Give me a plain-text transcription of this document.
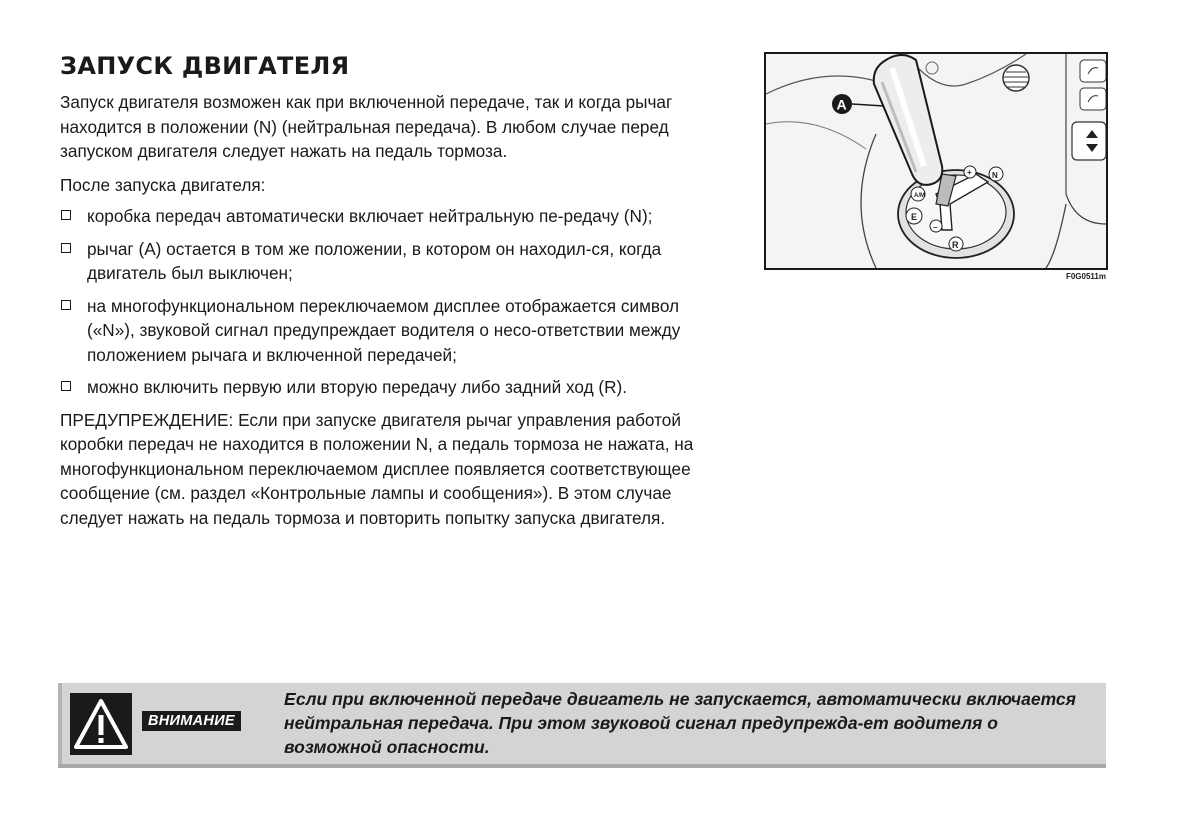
ЗАПУСК ДВИГАТЕЛЯ

Запуск двигателя возможен как при включенной передаче, так и когда рычаг находится в положении (N) (нейтральная передача). В любом случае перед запуском двигателя следует нажать на педаль тормоза.

После запуска двигателя:

коробка передач автоматически включает нейтральную пе-редачу (N);
рычаг (A) остается в том же положении, в котором он находил-ся, когда двигатель был выключен;
на многофункциональном переключаемом дисплее отображается символ («N»), звуковой сигнал предупреждает водителя о несо-ответствии между положением рычага и включенной передачей;
можно включить первую или вторую передачу либо задний ход (R).

ПРЕДУПРЕЖДЕНИЕ: Если при запуске двигателя рычаг управления работой коробки передач не находится в положении N, а педаль тормоза не нажата, на многофункциональном переключаемом дисплее появляется соответствующее сообщение (см. раздел «Контрольные лампы и сообщения»). В этом случае следует нажать на педаль тормоза и повторить попытку запуска двигателя.

A/M
+	N
E
–
R
A
F0G0511m
ВНИМАНИЕ
Если при включенной передаче двигатель не запускается, автоматически включается нейтральная передача. При этом звуковой сигнал предупрежда-ет водителя о возможной опасности.
